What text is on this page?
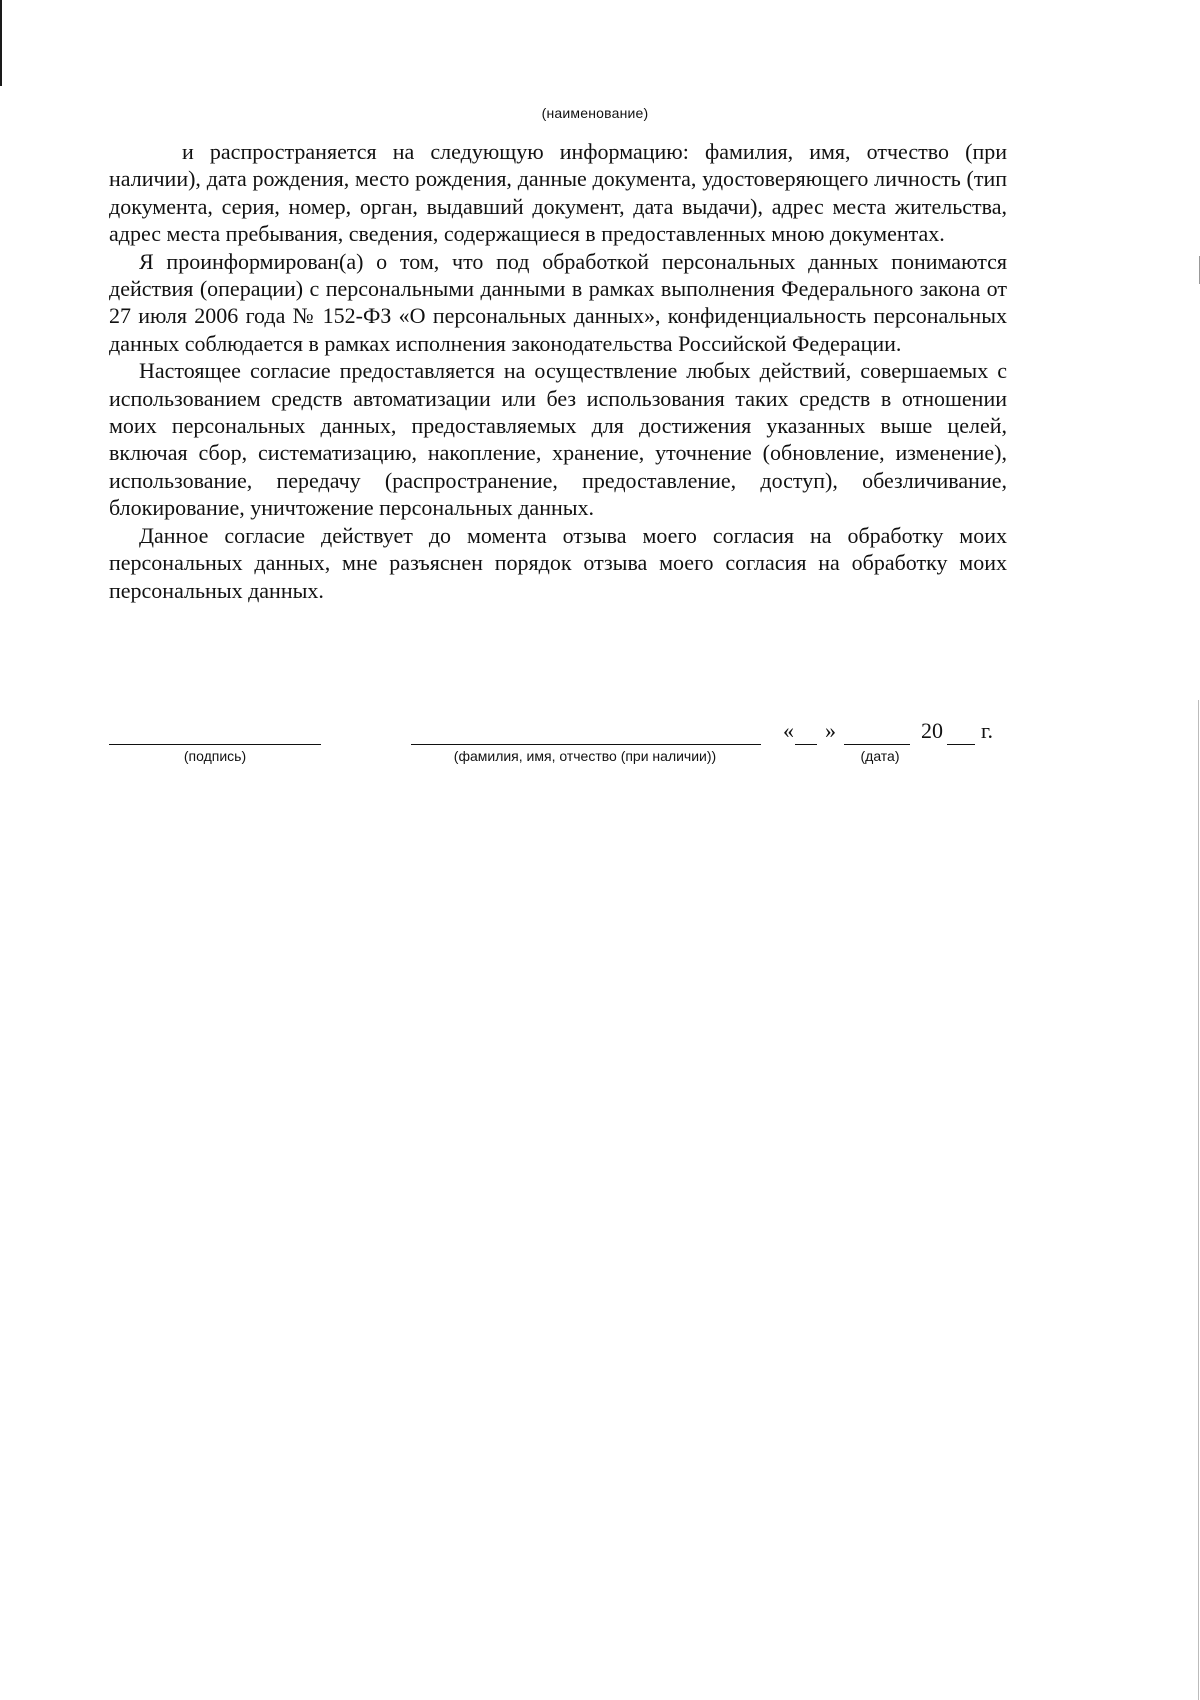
(наименование)

и распространяется на следующую информацию: фамилия, имя, отчество (при наличии), дата рождения, место рождения, данные документа, удостоверяющего личность (тип документа, серия, номер, орган, выдавший документ, дата выдачи), адрес места жительства, адрес места пребывания, сведения, содержащиеся в предоставленных мною документах.

Я проинформирован(а) о том, что под обработкой персональных данных понимаются действия (операции) с персональными данными в рамках выполнения Федерального закона от 27 июля 2006 года № 152-ФЗ «О персональных данных», конфиденциальность персональных данных соблюдается в рамках исполнения законодательства Российской Федерации.

Настоящее согласие предоставляется на осуществление любых действий, совершаемых с использованием средств автоматизации или без использования таких средств в отношении моих персональных данных, предоставляемых для достижения указанных выше целей, включая сбор, систематизацию, накопление, хранение, уточнение (обновление, изменение), использование, передачу (распространение, предоставление, доступ), обезличивание, блокирование, уничтожение персональных данных.

Данное согласие действует до момента отзыва моего согласия на обработку моих персональных данных, мне разъяснен порядок отзыва моего согласия на обработку моих персональных данных.

« »	20 г.
(подпись)	(фамилия, имя, отчество (при наличии))	(дата)
